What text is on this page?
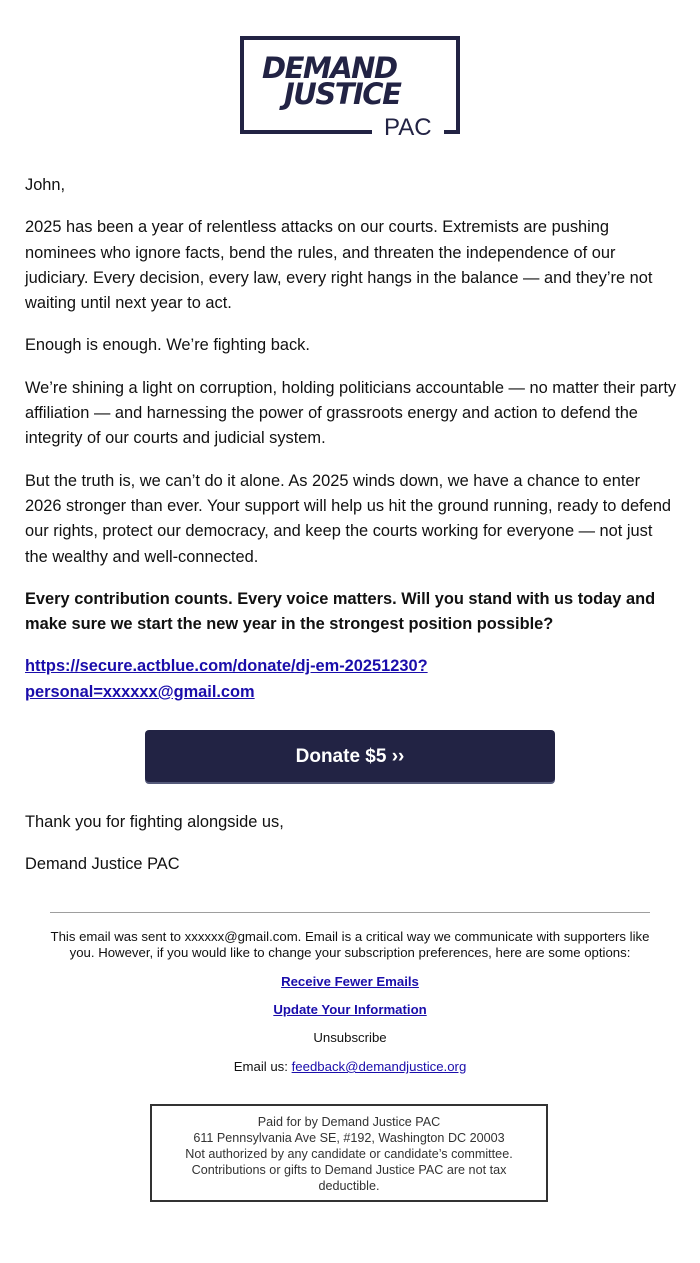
DEMAND
JUSTICE
PAC

John,

2025 has been a year of relentless attacks on our courts. Extremists are pushing nominees who ignore facts, bend the rules, and threaten the independence of our judiciary. Every decision, every law, every right hangs in the balance — and they’re not waiting until next year to act.

Enough is enough. We’re fighting back.

We’re shining a light on corruption, holding politicians accountable — no matter their party affiliation — and harnessing the power of grassroots energy and action to defend the integrity of our courts and judicial system.

But the truth is, we can’t do it alone. As 2025 winds down, we have a chance to enter 2026 stronger than ever. Your support will help us hit the ground running, ready to defend our rights, protect our democracy, and keep the courts working for everyone — not just the wealthy and well-connected.

Every contribution counts. Every voice matters. Will you stand with us today and make sure we start the new year in the strongest position possible?

https://secure.actblue.com/donate/dj-em-20251230?
personal=xxxxxx@gmail.com

Donate $5 ››

Thank you for fighting alongside us,

Demand Justice PAC

This email was sent to xxxxxx@gmail.com. Email is a critical way we communicate with supporters like you. However, if you would like to change your subscription preferences, here are some options:

Receive Fewer Emails

Update Your Information

Unsubscribe

Email us: feedback@demandjustice.org

Paid for by Demand Justice PAC
611 Pennsylvania Ave SE, #192, Washington DC 20003
Not authorized by any candidate or candidate’s committee.
Contributions or gifts to Demand Justice PAC are not tax deductible.
